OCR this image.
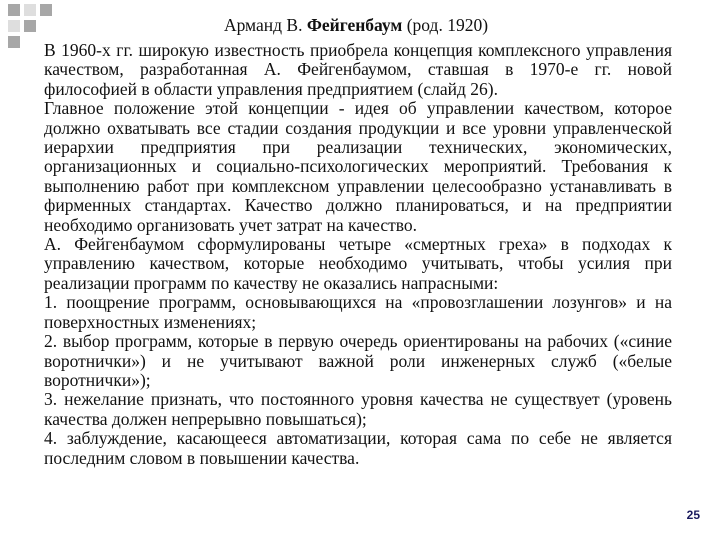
Арманд В. Фейгенбаум (род. 1920)

В 1960-х гг. широкую известность приобрела концепция комплексного управления качеством, разработанная А. Фейгенбаумом, ставшая в 1970-е гг. новой философией в области управления предприятием (слайд 26).

Главное положение этой концепции - идея об управлении качеством, которое должно охватывать все стадии создания продукции и все уровни управленческой иерархии предприятия при реализации технических, экономических, организационных и социально-психологических мероприятий. Требования к выполнению работ при комплексном управлении целесообразно устанавливать в фирменных стандартах. Качество должно планироваться, и на предприятии необходимо организовать учет затрат на качество.

А. Фейгенбаумом сформулированы четыре «смертных греха» в подходах к управлению качеством, которые необходимо учитывать, чтобы усилия при реализации программ по качеству не оказались напрасными:

1. поощрение программ, основывающихся на «провозглашении лозунгов» и на поверхностных изменениях;

2. выбор программ, которые в первую очередь ориентированы на рабочих («синие воротнички») и не учитывают важной роли инженерных служб («белые воротнички»);

3. нежелание признать, что постоянного уровня качества не существует (уровень качества должен непрерывно повышаться);

4. заблуждение, касающееся автоматизации, которая сама по себе не является последним словом в повышении качества.

25
